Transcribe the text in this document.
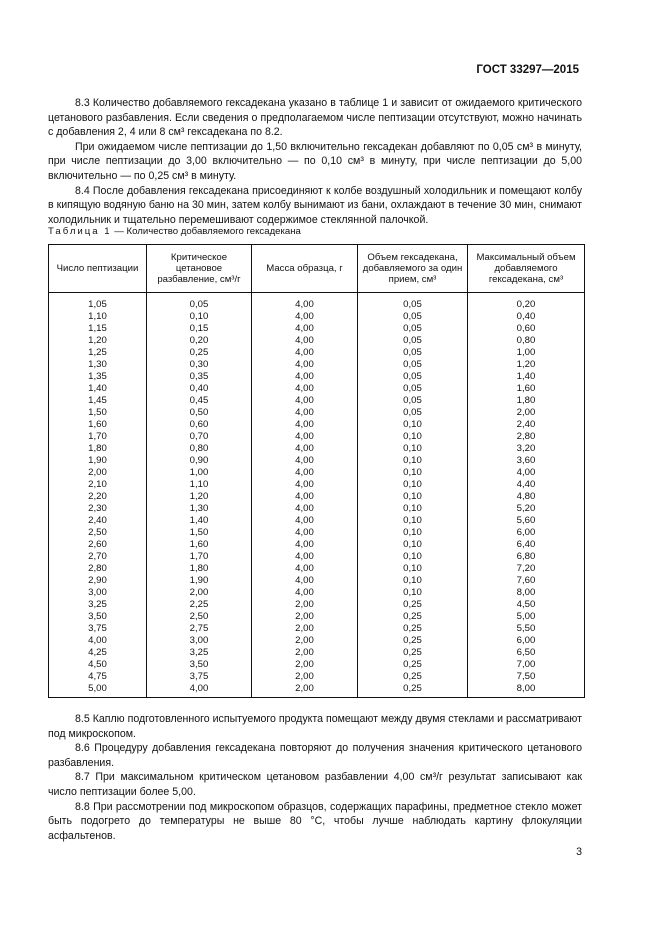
ГОСТ 33297—2015

8.3 Количество добавляемого гексадекана указано в таблице 1 и зависит от ожидаемого критического цетанового разбавления. Если сведения о предполагаемом числе пептизации отсутствуют, можно начинать с добавления 2, 4 или 8 см³ гексадекана по 8.2.

При ожидаемом числе пептизации до 1,50 включительно гексадекан добавляют по 0,05 см³ в минуту, при числе пептизации до 3,00 включительно — по 0,10 см³ в минуту, при числе пептизации до 5,00 включительно — по 0,25 см³ в минуту.

8.4 После добавления гексадекана присоединяют к колбе воздушный холодильник и помещают колбу в кипящую водяную баню на 30 мин, затем колбу вынимают из бани, охлаждают в течение 30 мин, снимают холодильник и тщательно перемешивают содержимое стеклянной палочкой.

Таблица 1 — Количество добавляемого гексадекана
Число пептизации	Критическое цетановое разбавление, см³/г	Масса образца, г	Объем гексадекана, добавляемого за один прием, см³	Максимальный объем добавляемого гексадекана, см³
1,05	0,05	4,00	0,05	0,20
1,10	0,10	4,00	0,05	0,40
1,15	0,15	4,00	0,05	0,60
1,20	0,20	4,00	0,05	0,80
1,25	0,25	4,00	0,05	1,00
1,30	0,30	4,00	0,05	1,20
1,35	0,35	4,00	0,05	1,40
1,40	0,40	4,00	0,05	1,60
1,45	0,45	4,00	0,05	1,80
1,50	0,50	4,00	0,05	2,00
1,60	0,60	4,00	0,10	2,40
1,70	0,70	4,00	0,10	2,80
1,80	0,80	4,00	0,10	3,20
1,90	0,90	4,00	0,10	3,60
2,00	1,00	4,00	0,10	4,00
2,10	1,10	4,00	0,10	4,40
2,20	1,20	4,00	0,10	4,80
2,30	1,30	4,00	0,10	5,20
2,40	1,40	4,00	0,10	5,60
2,50	1,50	4,00	0,10	6,00
2,60	1,60	4,00	0,10	6,40
2,70	1,70	4,00	0,10	6,80
2,80	1,80	4,00	0,10	7,20
2,90	1,90	4,00	0,10	7,60
3,00	2,00	4,00	0,10	8,00
3,25	2,25	2,00	0,25	4,50
3,50	2,50	2,00	0,25	5,00
3,75	2,75	2,00	0,25	5,50
4,00	3,00	2,00	0,25	6,00
4,25	3,25	2,00	0,25	6,50
4,50	3,50	2,00	0,25	7,00
4,75	3,75	2,00	0,25	7,50
5,00	4,00	2,00	0,25	8,00

8.5 Каплю подготовленного испытуемого продукта помещают между двумя стеклами и рассматривают под микроскопом.

8.6 Процедуру добавления гексадекана повторяют до получения значения критического цетанового разбавления.

8.7 При максимальном критическом цетановом разбавлении 4,00 см³/г результат записывают как число пептизации более 5,00.

8.8 При рассмотрении под микроскопом образцов, содержащих парафины, предметное стекло может быть подогрето до температуры не выше 80 °С, чтобы лучше наблюдать картину флокуляции асфальтенов.

3
